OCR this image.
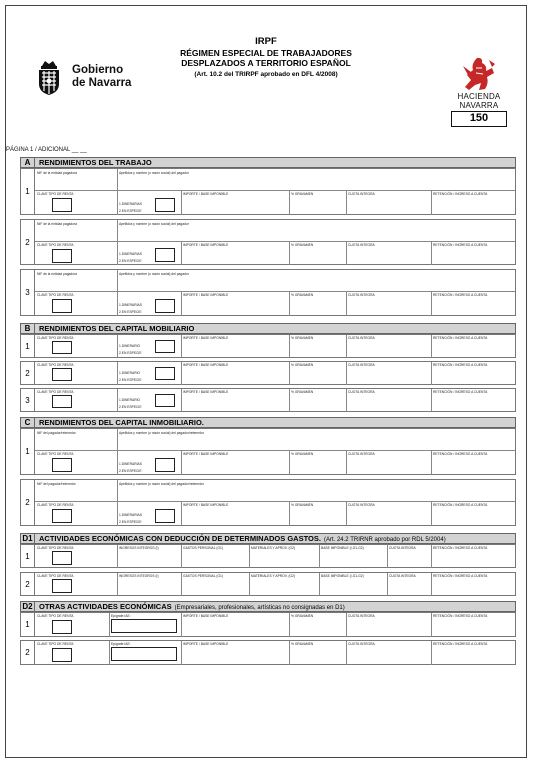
Gobierno
de Navarra
IRPF
RÉGIMEN ESPECIAL DE TRABAJADORES
DESPLAZADOS A TERRITORIO ESPAÑOL
(Art. 10.2 del TRIRPF aprobado en DFL 4/2008)
HACIENDA
NAVARRA
150
PÁGINA 1 / ADICIONAL __ __
A	RENDIMIENTOS DEL TRABAJO
1
NIF de la entidad pagadora	Apellidos y nombre (o razón social) del pagador
CLAVE TIPO DE RENTA
1.DINERARIAS
2.EN ESPECIE
IMPORTE / BASE IMPONIBLE	% GRAVAMEN	CUOTA INTEGRA	RETENCIÓN / INGRESO A CUENTA
2
NIF de la entidad pagadora	Apellidos y nombre (o razón social) del pagador
CLAVE TIPO DE RENTA
1.DINERARIAS
2.EN ESPECIE
IMPORTE / BASE IMPONIBLE	% GRAVAMEN	CUOTA INTEGRA	RETENCIÓN / INGRESO A CUENTA
3
NIF de la entidad pagadora	Apellidos y nombre (o razón social) del pagador
CLAVE TIPO DE RENTA
1.DINERARIAS
2.EN ESPECIE
IMPORTE / BASE IMPONIBLE	% GRAVAMEN	CUOTA INTEGRA	RETENCIÓN / INGRESO A CUENTA
B	RENDIMIENTOS DEL CAPITAL MOBILIARIO
1
CLAVE TIPO DE RENTA
1.DINERARIO
2.EN ESPECIE
IMPORTE / BASE IMPONIBLE	% GRAVAMEN	CUOTA INTEGRA	RETENCIÓN / INGRESO A CUENTA
2
CLAVE TIPO DE RENTA
1.DINERARIO
2.EN ESPECIE
IMPORTE / BASE IMPONIBLE	% GRAVAMEN	CUOTA INTEGRA	RETENCIÓN / INGRESO A CUENTA
3
CLAVE TIPO DE RENTA
1.DINERARIO
2.EN ESPECIE
IMPORTE / BASE IMPONIBLE	% GRAVAMEN	CUOTA INTEGRA	RETENCIÓN / INGRESO A CUENTA
C	RENDIMIENTOS DEL CAPITAL INMOBILIARIO.
1
NIF del pagador/retenedor	Apellidos y nombre (o razón social) del pagador/retenedor
CLAVE TIPO DE RENTA
1.DINERARIAS
2.EN ESPECIE
IMPORTE / BASE IMPONIBLE	% GRAVAMEN	CUOTA INTEGRA	RETENCIÓN / INGRESO A CUENTA
2
NIF del pagador/retenedor	Apellidos y nombre (o razón social) del pagador/retenedor
CLAVE TIPO DE RENTA
1.DINERARIAS
2.EN ESPECIE
IMPORTE / BASE IMPONIBLE	% GRAVAMEN	CUOTA INTEGRA	RETENCIÓN / INGRESO A CUENTA
D1 ACTIVIDADES ECONÓMICAS CON DEDUCCIÓN DE DETERMINADOS GASTOS. (Art. 24.2 TRIRNR aprobado por RDL 5/2004)
1
CLAVE TIPO DE RENTA	INGRESOS INTEGROS (I)	GASTOS PERSONAL (G1)	MATERIALES Y APROV. (G2)	BASE IMPONIBLE (I-G1-G2)	CUOTA INTEGRA	RETENCIÓN / INGRESO A CUENTA
2
CLAVE TIPO DE RENTA	INGRESOS INTEGROS (I)	GASTOS PERSONAL (G1)	MATERIALES Y APROV. (G2)	BASE IMPONIBLE (I-G1-G2)	CUOTA INTEGRA	RETENCIÓN / INGRESO A CUENTA
D2 OTRAS ACTIVIDADES ECONÓMICAS (Empresariales, profesionales, artísticas no consignadas en D1)
1
CLAVE TIPO DE RENTA	Epígrafe IAE:	IMPORTE / BASE IMPONIBLE	% GRAVAMEN	CUOTA INTEGRA	RETENCIÓN / INGRESO A CUENTA
2
CLAVE TIPO DE RENTA	Epígrafe IAE:	IMPORTE / BASE IMPONIBLE	% GRAVAMEN	CUOTA INTEGRA	RETENCIÓN / INGRESO A CUENTA
